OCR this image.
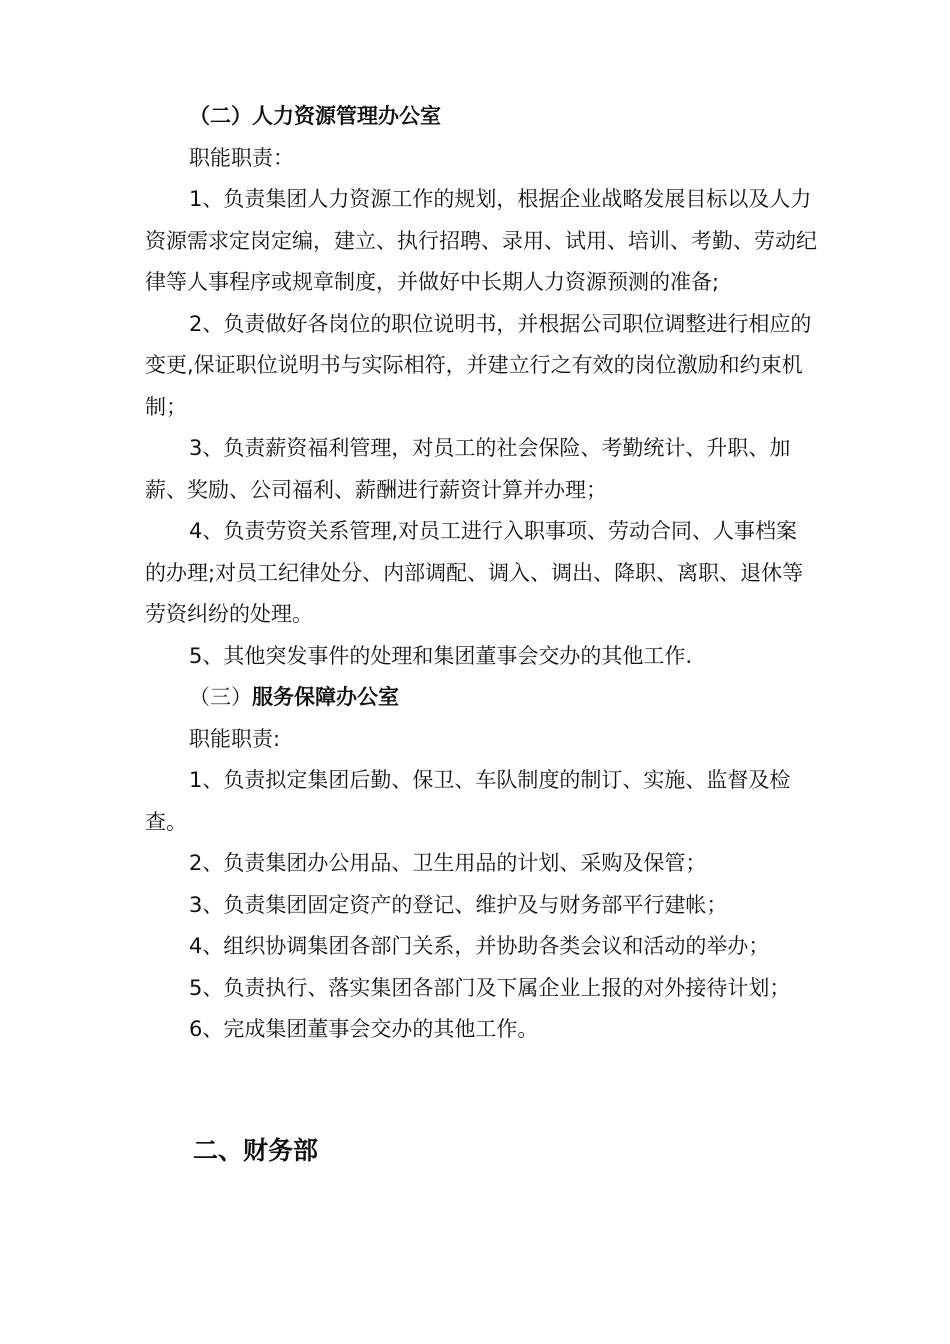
（二）人力资源管理办公室

职能职责：

1、负责集团人力资源工作的规划，根据企业战略发展目标以及人力资源需求定岗定编，建立、执行招聘、录用、试用、培训、考勤、劳动纪律等人事程序或规章制度，并做好中长期人力资源预测的准备;

2、负责做好各岗位的职位说明书，并根据公司职位调整进行相应的变更,保证职位说明书与实际相符，并建立行之有效的岗位激励和约束机制；

3、负责薪资福利管理，对员工的社会保险、考勤统计、升职、加薪、奖励、公司福利、薪酬进行薪资计算并办理；

4、负责劳资关系管理,对员工进行入职事项、劳动合同、人事档案的办理;对员工纪律处分、内部调配、调入、调出、降职、离职、退休等劳资纠纷的处理。

5、其他突发事件的处理和集团董事会交办的其他工作.

（三）服务保障办公室

职能职责:

1、负责拟定集团后勤、保卫、车队制度的制订、实施、监督及检查。

2、负责集团办公用品、卫生用品的计划、采购及保管；

3、负责集团固定资产的登记、维护及与财务部平行建帐；

4、组织协调集团各部门关系，并协助各类会议和活动的举办；

5、负责执行、落实集团各部门及下属企业上报的对外接待计划；

6、完成集团董事会交办的其他工作。

二、财务部
